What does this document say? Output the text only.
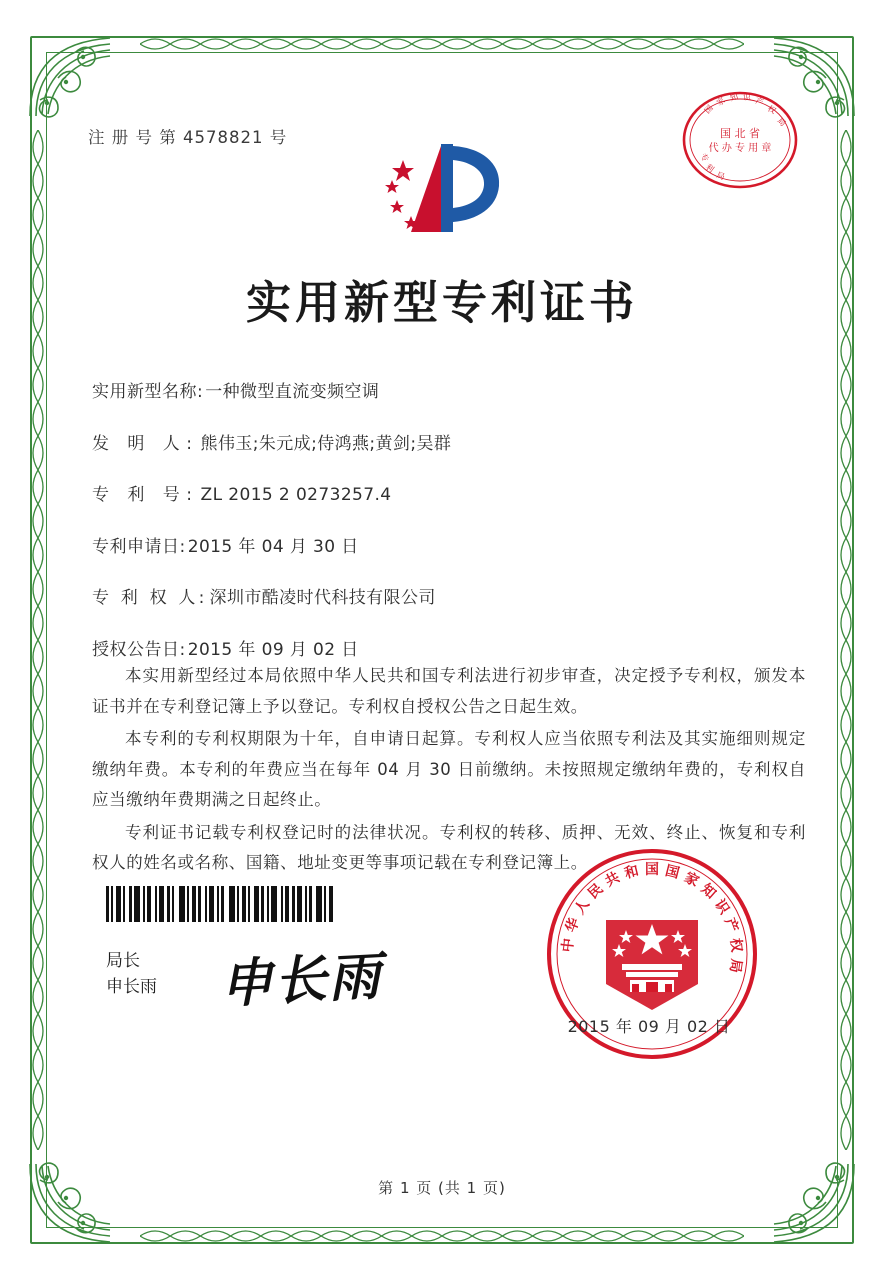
注 册 号 第 4578821 号	国 北 省
代 办 专 用 章
国
家 知 识 产
权
局
专
利
局
实用新型专利证书
实用新型名称: 一种微型直流变频空调
发 明 人: 熊伟玉;朱元成;侍鸿燕;黄剑;吴群
专 利 号: ZL 2015 2 0273257.4
专利申请日: 2015 年 04 月 30 日
专 利 权 人: 深圳市酷凌时代科技有限公司
授权公告日: 2015 年 09 月 02 日

本实用新型经过本局依照中华人民共和国专利法进行初步审查，决定授予专利权，颁发本证书并在专利登记簿上予以登记。专利权自授权公告之日起生效。

本专利的专利权期限为十年，自申请日起算。专利权人应当依照专利法及其实施细则规定缴纳年费。本专利的年费应当在每年 04 月 30 日前缴纳。未按照规定缴纳年费的，专利权自应当缴纳年费期满之日起终止。

专利证书记载专利权登记时的法律状况。专利权的转移、质押、无效、终止、恢复和专利权人的姓名或名称、国籍、地址变更等事项记载在专利登记簿上。

局长
申长雨 申长雨
国 国 家
知
识
产
权
局
和
共
民
人
华
中
2015 年 09 月 02 日
第 1 页 (共 1 页)
